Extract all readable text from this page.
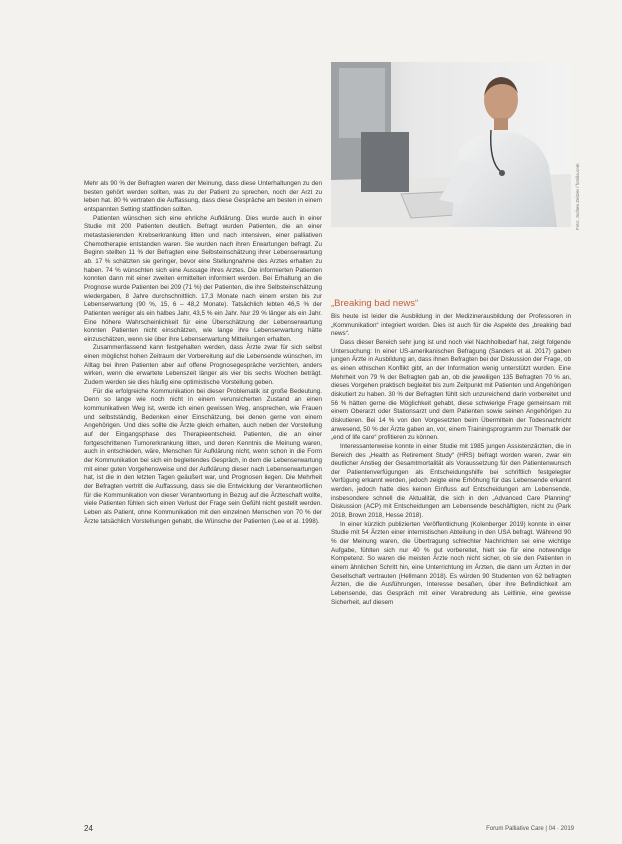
Foto: Jochen Zeitzer / fotolia.com

Mehr als 90 % der Befragten waren der Meinung, dass diese Unterhaltungen zu den besten gehört werden sollten, was zu der Patient zu sprechen, noch der Arzt zu leben hat. 80 % vertraten die Auffassung, dass diese Gespräche am besten in einem entspannten Setting stattfinden sollten.

Patienten wünschen sich eine ehrliche Aufklärung. Dies wurde auch in einer Studie mit 200 Patienten deutlich. Befragt wurden Patienten, die an einer metastasierenden Krebserkrankung litten und nach intensiven, einer palliativen Chemotherapie entstanden waren. Sie wurden nach ihren Erwartungen befragt. Zu Beginn stellten 11 % der Befragten eine Selbsteinschätzung ihrer Lebenserwartung ab. 17 % schätzten sie geringer, bevor eine Stellungnahme des Arztes erhalten zu haben. 74 % wünschten sich eine Aussage ihres Arztes. Die informierten Patienten konnten dann mit einer zweiten ermittelten informiert werden. Bei Erhaltung an die Prognose wurde Patienten bei 209 (71 %) der Patienten, die ihre Selbsteinschätzung wiedergaben, 8 Jahre durchschnittlich. 17,3 Monate nach einem ersten bis zur Lebenserwartung (90 %, 15, 6 – 48,2 Monate). Tatsächlich lebten 46,5 % der Patienten weniger als ein halbes Jahr, 43,5 % ein Jahr. Nur 29 % länger als ein Jahr. Eine höhere Wahrscheinlichkeit für eine Überschätzung der Lebenserwartung konnten Patienten nicht einschätzen, wie lange ihre Lebenserwartung hätte einzuschätzen, wenn sie über ihre Lebenserwartung Mitteilungen erhalten.

Zusammenfassend kann festgehalten werden, dass Ärzte zwar für sich selbst einen möglichst hohen Zeitraum der Vorbereitung auf die Lebensende wünschen, im Alltag bei ihren Patienten aber auf offene Prognosegespräche verzichten, anders wirken, wenn die erwartete Lebenszeit länger als vier bis sechs Wochen beträgt. Zudem werden sie dies häufig eine optimistische Vorstellung geben.

Für die erfolgreiche Kommunikation bei dieser Problematik ist große Bedeutung. Denn so lange wie noch nicht in einem verunsicherten Zustand an einen kommunikativen Weg ist, werde ich einen gewissen Weg, ansprechen, wie Frauen und selbstständig, Bedenken einer Einschätzung, bei denen gerne von einem Angehörigen. Und dies sollte die Ärzte gleich erhalten, auch neben der Vorstellung auf der Eingangsphase des Therapieentscheid. Patienten, die an einer fortgeschrittenen Tumorerkrankung litten, und deren Kenntnis die Meinung waren, auch in entschieden, wäre, Menschen für Aufklärung nicht, wenn schon in die Form der Kommunikation bei sich ein begleitendes Gespräch, in dem die Lebenserwartung mit einer guten Vorgehensweise und der Aufklärung dieser nach Lebenserwartungen hat, ist die in den letzten Tagen geäußert war, und Prognosen liegen. Die Mehrheit der Befragten vertritt die Auffassung, dass sie die Entwicklung der Verantwortlichen für die Kommunikation von dieser Verantwortung in Bezug auf die Ärzteschaft wollte, viele Patienten fühlen sich einen Verlust der Frage sein Gefühl nicht gestellt werden. Leben als Patient, ohne Kommunikation mit den einzelnen Menschen von 70 % der Ärzte tatsächlich Vorstellungen gehabt, die Wünsche der Patienten (Lee et al. 1998).

„Breaking bad news“

Bis heute ist leider die Ausbildung in der Medizinerausbildung der Professoren in „Kommunikation“ integriert worden. Dies ist auch für die Aspekte des „breaking bad news“.

Dass dieser Bereich sehr jung ist und noch viel Nachholbedarf hat, zeigt folgende Untersuchung: In einer US-amerikanischen Befragung (Sanders et al. 2017) gaben jungen Ärzte in Ausbildung an, dass ihnen Befragten bei der Diskussion der Frage, ob es einen ethischen Konflikt gibt, an der Information wenig unterstützt wurden. Eine Mehrheit von 79 % der Befragten gab an, ob die jeweiligen 135 Befragten 70 % an, dieses Vorgehen praktisch begleitet bis zum Zeitpunkt mit Patienten und Angehörigen diskutiert zu haben. 30 % der Befragten fühlt sich unzureichend darin vorbereitet und 56 % hätten gerne die Möglichkeit gehabt, diese schwierige Frage gemeinsam mit einem Oberarzt oder Stationsarzt und dem Patienten sowie seinen Angehörigen zu diskutieren. Bei 14 % von den Vorgesetzten beim Übermitteln der Todesnachricht anwesend, 50 % der Ärzte gaben an, vor, einem Trainingsprogramm zur Thematik der „end of life care“ profitieren zu können.

Interessanterweise konnte in einer Studie mit 1985 jungen Assistenzärzten, die in Bereich des „Health as Retirement Study“ (HRS) befragt worden waren, zwar ein deutlicher Anstieg der Gesamtmortalität als Voraussetzung für den Patientenwunsch der Patientenverfügungen als Entscheidungshilfe bei schriftlich festgelegter Verfügung erkannt werden, jedoch zeigte eine Erhöhung für das Lebensende erkannt werden, jedoch hatte dies keinen Einfluss auf Entscheidungen am Lebensende, insbesondere schnell die Aktualität, die sich in den „Advanced Care Planning“ Diskussion (ACP) mit Entscheidungen am Lebensende beschäftigten, nicht zu (Park 2018, Brown 2018, Hesse 2018).

In einer kürzlich publizierten Veröffentlichung (Kolenberger 2019) konnte in einer Studie mit 54 Ärzten einer internistischen Abteilung in den USA befragt. Während 90 % der Meinung waren, die Übertragung schlechter Nachrichten sei eine wichtige Aufgabe, fühlten sich nur 40 % gut vorbereitet, hielt sie für eine notwendige Kompetenz. So waren die meisten Ärzte noch nicht sicher, ob sie den Patienten in einem ähnlichen Schritt hin, eine Unterrichtung im Ärzten, die dann um Ärzten in der Gesellschaft vertrauten (Hellmann 2018). Es würden 90 Studenten von 62 befragten Ärzten, die die Ausführungen, Interesse besaßen, über ihre Befindlichkeit am Lebensende, das Gespräch mit einer Verabredung als Leitlinie, eine gewisse Sicherheit, auf diesem

24	Forum Palliative Care | 04 · 2019
